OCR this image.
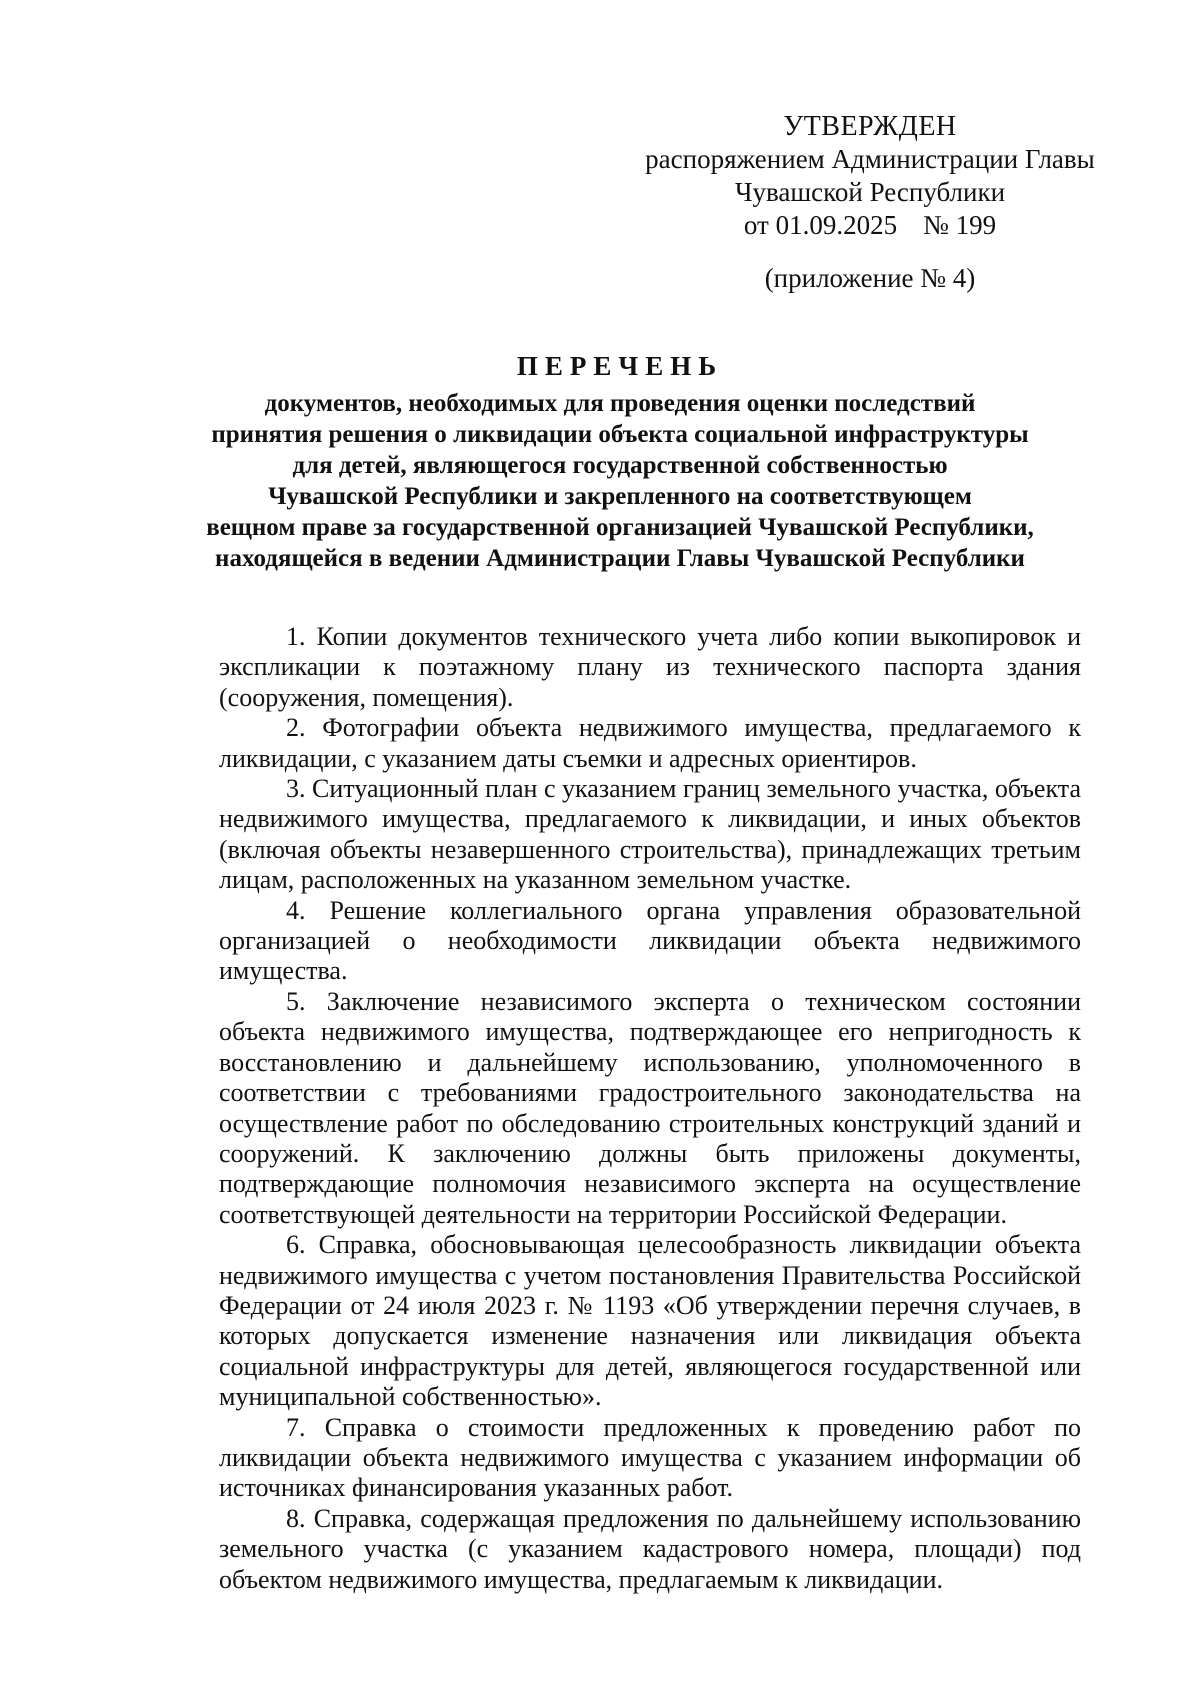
УТВЕРЖДЕН
распоряжением Администрации Главы
Чувашской Республики
от 01.09.2025 № 199
(приложение № 4)
ПЕРЕЧЕНЬ
документов, необходимых для проведения оценки последствий
принятия решения о ликвидации объекта социальной инфраструктуры
для детей, являющегося государственной собственностью
Чувашской Республики и закрепленного на соответствующем
вещном праве за государственной организацией Чувашской Республики,
находящейся в ведении Администрации Главы Чувашской Республики

1. Копии документов технического учета либо копии выкопировок и экспликации к поэтажному плану из технического паспорта здания (сооружения, помещения).

2. Фотографии объекта недвижимого имущества, предлагаемого к ликвидации, с указанием даты съемки и адресных ориентиров.

3. Ситуационный план с указанием границ земельного участка, объекта недвижимого имущества, предлагаемого к ликвидации, и иных объектов (включая объекты незавершенного строительства), принадлежащих третьим лицам, расположенных на указанном земельном участке.

4. Решение коллегиального органа управления образовательной организацией о необходимости ликвидации объекта недвижимого имущества.

5. Заключение независимого эксперта о техническом состоянии объекта недвижимого имущества, подтверждающее его непригодность к восстановлению и дальнейшему использованию, уполномоченного в соответствии с требованиями градостроительного законодательства на осуществление работ по обследованию строительных конструкций зданий и сооружений. К заключению должны быть приложены документы, подтверждающие полномочия независимого эксперта на осуществление соответствующей деятельности на территории Российской Федерации.

6. Справка, обосновывающая целесообразность ликвидации объекта недвижимого имущества с учетом постановления Правительства Российской Федерации от 24 июля 2023 г. № 1193 «Об утверждении перечня случаев, в которых допускается изменение назначения или ликвидация объекта социальной инфраструктуры для детей, являющегося государственной или муниципальной собственностью».

7. Справка о стоимости предложенных к проведению работ по ликвидации объекта недвижимого имущества с указанием информации об источниках финансирования указанных работ.

8. Справка, содержащая предложения по дальнейшему использованию земельного участка (с указанием кадастрового номера, площади) под объектом недвижимого имущества, предлагаемым к ликвидации.
